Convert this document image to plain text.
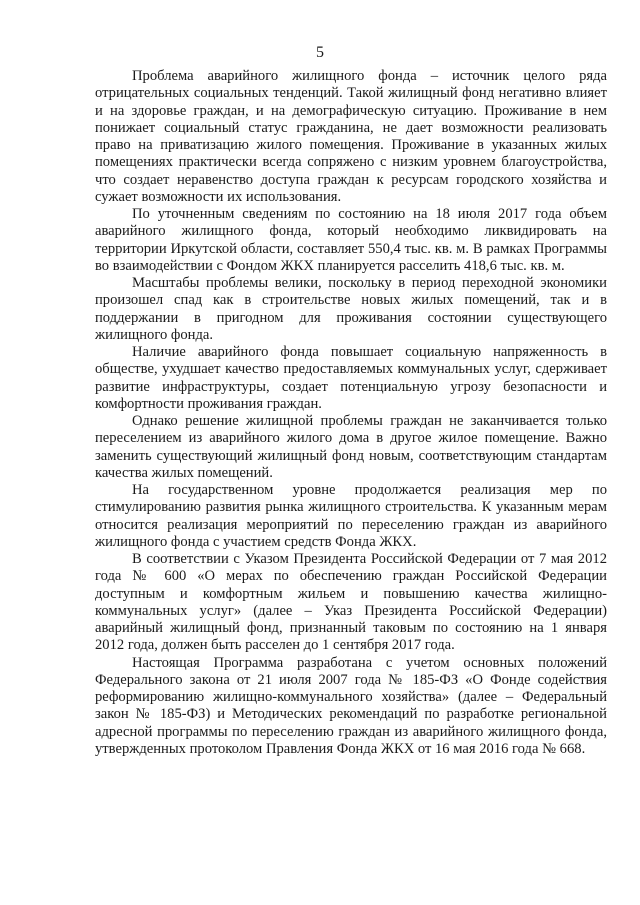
5

Проблема аварийного жилищного фонда – источник целого ряда отрицательных социальных тенденций. Такой жилищный фонд негативно влияет и на здоровье граждан, и на демографическую ситуацию. Проживание в нем понижает социальный статус гражданина, не дает возможности реализовать право на приватизацию жилого помещения. Проживание в указанных жилых помещениях практически всегда сопряжено с низким уровнем благоустройства, что создает неравенство доступа граждан к ресурсам городского хозяйства и сужает возможности их использования.

По уточненным сведениям по состоянию на 18 июля 2017 года объем аварийного жилищного фонда, который необходимо ликвидировать на территории Иркутской области, составляет 550,4 тыс. кв. м. В рамках Программы во взаимодействии с Фондом ЖКХ планируется расселить 418,6 тыс. кв. м.

Масштабы проблемы велики, поскольку в период переходной экономики произошел спад как в строительстве новых жилых помещений, так и в поддержании в пригодном для проживания состоянии существующего жилищного фонда.

Наличие аварийного фонда повышает социальную напряженность в обществе, ухудшает качество предоставляемых коммунальных услуг, сдерживает развитие инфраструктуры, создает потенциальную угрозу безопасности и комфортности проживания граждан.

Однако решение жилищной проблемы граждан не заканчивается только переселением из аварийного жилого дома в другое жилое помещение. Важно заменить существующий жилищный фонд новым, соответствующим стандартам качества жилых помещений.

На государственном уровне продолжается реализация мер по стимулированию развития рынка жилищного строительства. К указанным мерам относится реализация мероприятий по переселению граждан из аварийного жилищного фонда с участием средств Фонда ЖКХ.

В соответствии с Указом Президента Российской Федерации от 7 мая 2012 года № 600 «О мерах по обеспечению граждан Российской Федерации доступным и комфортным жильем и повышению качества жилищно-коммунальных услуг» (далее – Указ Президента Российской Федерации) аварийный жилищный фонд, признанный таковым по состоянию на 1 января 2012 года, должен быть расселен до 1 сентября 2017 года.

Настоящая Программа разработана с учетом основных положений Федерального закона от 21 июля 2007 года № 185-ФЗ «О Фонде содействия реформированию жилищно-коммунального хозяйства» (далее – Федеральный закон № 185-ФЗ) и Методических рекомендаций по разработке региональной адресной программы по переселению граждан из аварийного жилищного фонда, утвержденных протоколом Правления Фонда ЖКХ от 16 мая 2016 года № 668.
